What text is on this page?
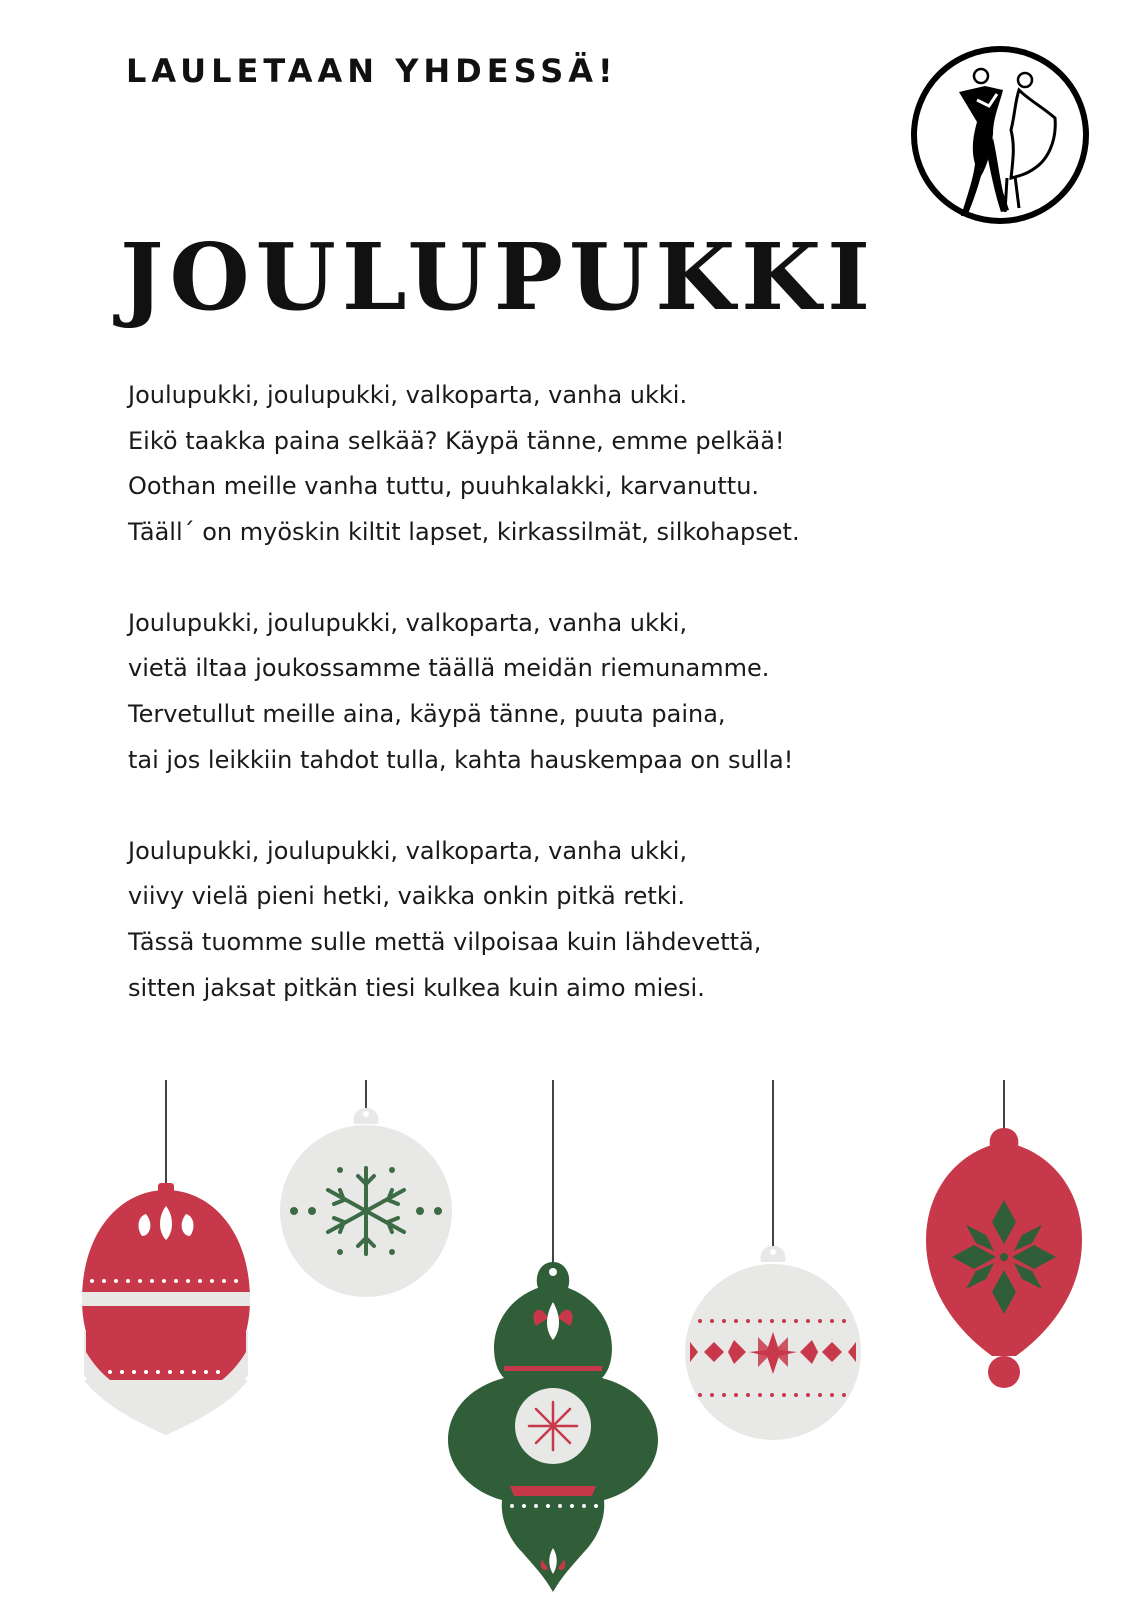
LAULETAAN YHDESSÄ!
JOULUPUKKI
Joulupukki, joulupukki, valkoparta, vanha ukki.
Eikö taakka paina selkää? Käypä tänne, emme pelkää!
Oothan meille vanha tuttu, puuhkalakki, karvanuttu.
Tääll´ on myöskin kiltit lapset, kirkassilmät, silkohapset.
Joulupukki, joulupukki, valkoparta, vanha ukki,
vietä iltaa joukossamme täällä meidän riemunamme.
Tervetullut meille aina, käypä tänne, puuta paina,
tai jos leikkiin tahdot tulla, kahta hauskempaa on sulla!
Joulupukki, joulupukki, valkoparta, vanha ukki,
viivy vielä pieni hetki, vaikka onkin pitkä retki.
Tässä tuomme sulle mettä vilpoisaa kuin lähdevettä,
sitten jaksat pitkän tiesi kulkea kuin aimo miesi.
